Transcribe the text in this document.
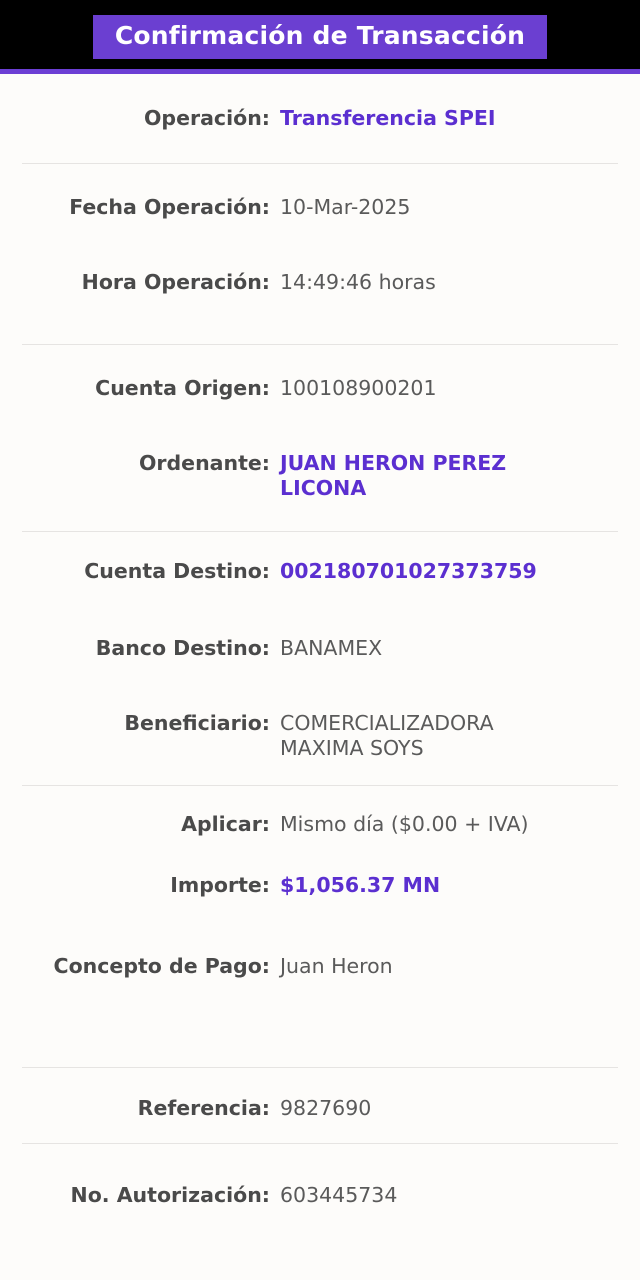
Confirmación de Transacción
Operación: Transferencia SPEI
Fecha Operación: 10-Mar-2025
Hora Operación: 14:49:46 horas
Cuenta Origen: 100108900201
Ordenante: JUAN HERON PEREZ LICONA
Cuenta Destino: 002180701027373759
Banco Destino: BANAMEX
Beneficiario: COMERCIALIZADORA MAXIMA SOYS
Aplicar: Mismo día ($0.00 + IVA)
Importe: $1,056.37 MN
Concepto de Pago: Juan Heron
Referencia: 9827690
No. Autorización: 603445734
